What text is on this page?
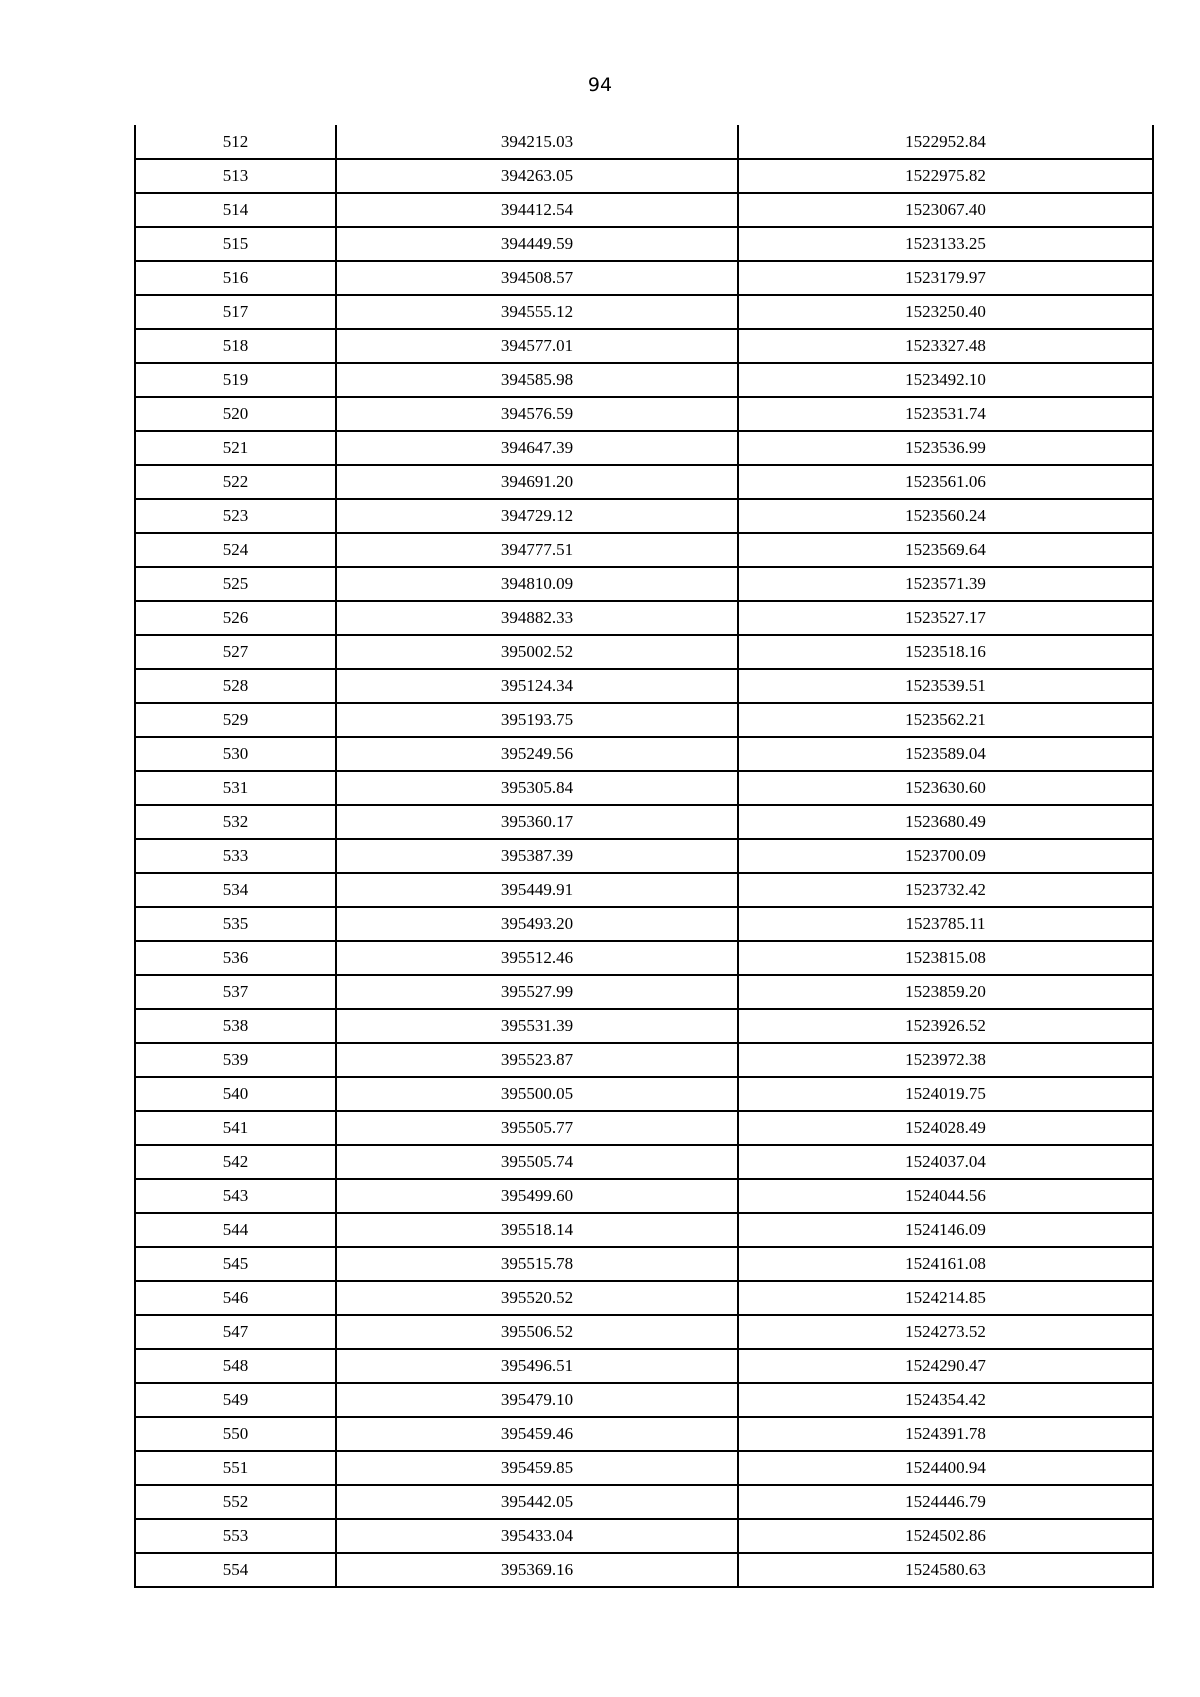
94
512	394215.03	1522952.84
513	394263.05	1522975.82
514	394412.54	1523067.40
515	394449.59	1523133.25
516	394508.57	1523179.97
517	394555.12	1523250.40
518	394577.01	1523327.48
519	394585.98	1523492.10
520	394576.59	1523531.74
521	394647.39	1523536.99
522	394691.20	1523561.06
523	394729.12	1523560.24
524	394777.51	1523569.64
525	394810.09	1523571.39
526	394882.33	1523527.17
527	395002.52	1523518.16
528	395124.34	1523539.51
529	395193.75	1523562.21
530	395249.56	1523589.04
531	395305.84	1523630.60
532	395360.17	1523680.49
533	395387.39	1523700.09
534	395449.91	1523732.42
535	395493.20	1523785.11
536	395512.46	1523815.08
537	395527.99	1523859.20
538	395531.39	1523926.52
539	395523.87	1523972.38
540	395500.05	1524019.75
541	395505.77	1524028.49
542	395505.74	1524037.04
543	395499.60	1524044.56
544	395518.14	1524146.09
545	395515.78	1524161.08
546	395520.52	1524214.85
547	395506.52	1524273.52
548	395496.51	1524290.47
549	395479.10	1524354.42
550	395459.46	1524391.78
551	395459.85	1524400.94
552	395442.05	1524446.79
553	395433.04	1524502.86
554	395369.16	1524580.63
